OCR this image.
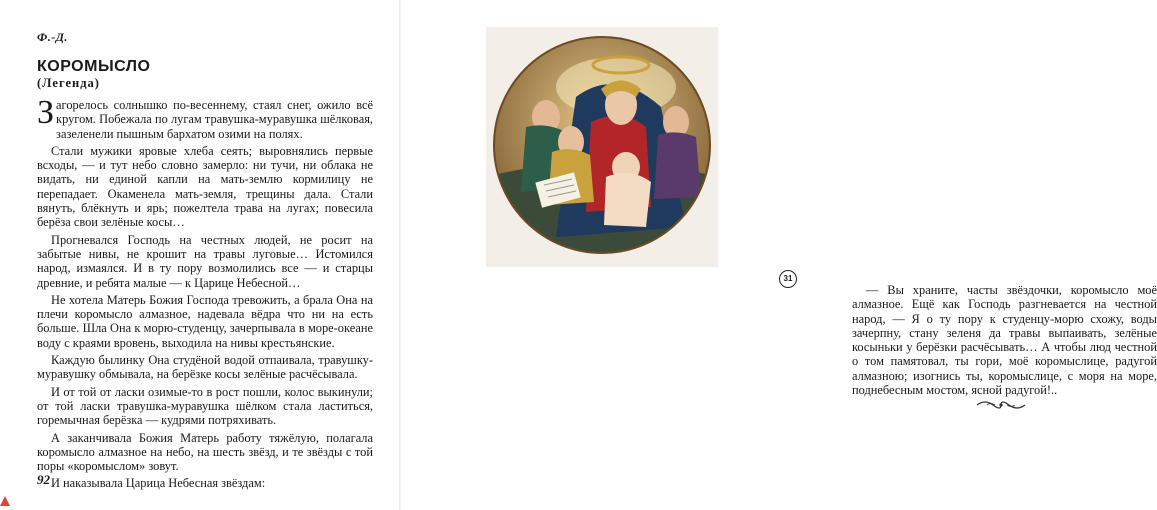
Ф.-Д.
КОРОМЫСЛО
(Легенда)

Загорелось солнышко по-весеннему, стаял снег, ожило всё кругом. Побежала по лугам травушка-муравушка шёлковая, зазеленели пышным бархатом озими на полях.

Стали мужики яровые хлеба сеять; выровнялись первые всходы, — и тут небо словно замерло: ни тучи, ни облака не видать, ни единой капли на мать-землю кормилицу не перепадает. Окаменела мать-земля, трещины дала. Стали вянуть, блёкнуть и ярь; пожелтела трава на лугах; повесила берёза свои зелёные косы…

Прогневался Господь на честных людей, не росит на забытые нивы, не крошит на травы луговые… Истомился народ, измаялся. И в ту пору возмолились все — и старцы древние, и ребята малые — к Царице Небесной…

Не хотела Матерь Божия Господа тревожить, а брала Она на плечи коромысло алмазное, надевала вёдра что ни на есть больше. Шла Она к морю-студенцу, зачерпывала в море-океане воду с краями вровень, выходила на нивы крестьянские.

Каждую былинку Она студёной водой отпаивала, травушку-муравушку обмывала, на берёзке косы зелёные расчёсывала.

И от той от ласки озимые-то в рост пошли, колос выкинули; от той ласки травушка-муравушка шёлком стала ластиться, горемычная берёзка — кудрями потряхивать.

А заканчивала Божия Матерь работу тяжёлую, полагала коромысло алмазное на небо, на шесть звёзд, и те звёзды с той поры «коромыслом» зовут.

И наказывала Царица Небесная звёздам:

92
31

— Вы храните, часты звёздочки, коромысло моё алмазное. Ещё как Господь разгневается на честной народ, — Я о ту пору к студенцу-морю схожу, воды зачерпну, стану зеленя да травы выпаивать, зелёные косыньки у берёзки расчёсывать… А чтобы люд честной о том памятовал, ты гори, моё коромыслице, радугой алмазною; изогнись ты, коромыслице, с моря на море, поднебесным мостом, ясной радугой!..
